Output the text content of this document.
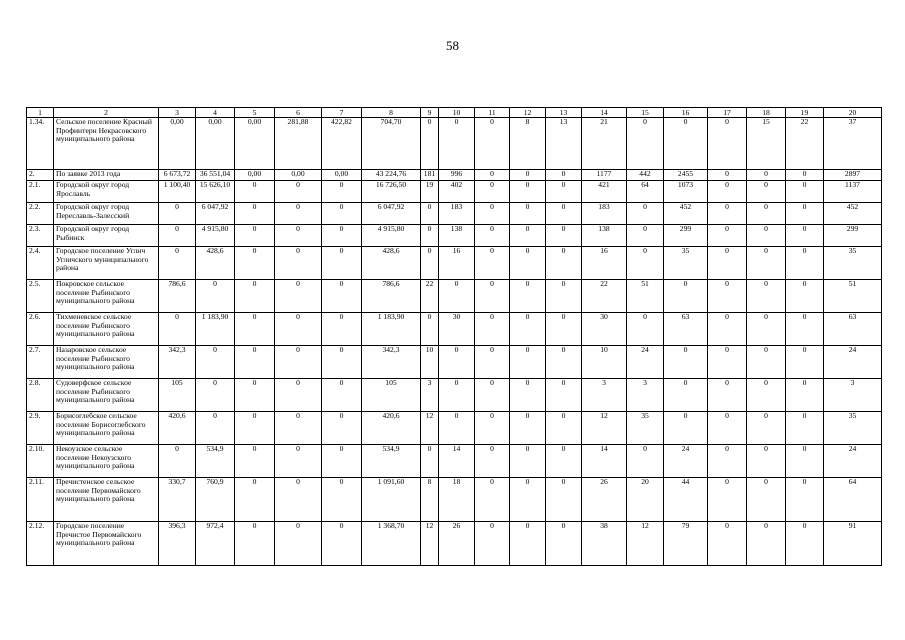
58
1	2	3	4	5	6	7	8	9	10	11	12	13	14	15	16	17	18	19	20
1.34.	Сельское поселение Красный Профинтерн Некрасовского муниципального района	0,00	0,00	0,00	281,88	422,82	704,70	0	0	0	8	13	21	0	0	0	15	22	37
2.	По заявке 2013 года	6 673,72	36 551,04	0,00	0,00	0,00	43 224,76	181	996	0	0	0	1177	442	2455	0	0	0	2897
2.1.	Городской округ город Ярославль	1 100,40	15 626,10	0	0	0	16 726,50	19	402	0	0	0	421	64	1073	0	0	0	1137
2.2.	Городской округ город Переславль-Залесский	0	6 047,92	0	0	0	6 047,92	0	183	0	0	0	183	0	452	0	0	0	452
2.3.	Городской округ город Рыбинск	0	4 915,80	0	0	0	4 915,80	0	138	0	0	0	138	0	299	0	0	0	299
2.4.	Городское поселение Углич Угличского муниципального района	0	428,6	0	0	0	428,6	0	16	0	0	0	16	0	35	0	0	0	35
2.5.	Покровское сельское поселение Рыбинского муниципального района	786,6	0	0	0	0	786,6	22	0	0	0	0	22	51	0	0	0	0	51
2.6.	Тихменевское сельское поселение Рыбинского муниципального района	0	1 183,90	0	0	0	1 183,90	0	30	0	0	0	30	0	63	0	0	0	63
2.7.	Назаровское сельское поселение Рыбинского муниципального района	342,3	0	0	0	0	342,3	10	0	0	0	0	10	24	0	0	0	0	24
2.8.	Судоверфское сельское поселение Рыбинского муниципального района	105	0	0	0	0	105	3	0	0	0	0	3	3	0	0	0	0	3
2.9.	Борисоглебское сельское поселение Борисоглебского муниципального района	420,6	0	0	0	0	420,6	12	0	0	0	0	12	35	0	0	0	0	35
2.10.	Некоузское сельское поселение Некоузского муниципального района	0	534,9	0	0	0	534,9	0	14	0	0	0	14	0	24	0	0	0	24
2.11.	Пречистенское сельское поселение Первомайского муниципального района	330,7	760,9	0	0	0	1 091,60	8	18	0	0	0	26	20	44	0	0	0	64
2.12.	Городское поселение Пречистое Первомайского муниципального района	396,3	972,4	0	0	0	1 368,70	12	26	0	0	0	38	12	79	0	0	0	91
